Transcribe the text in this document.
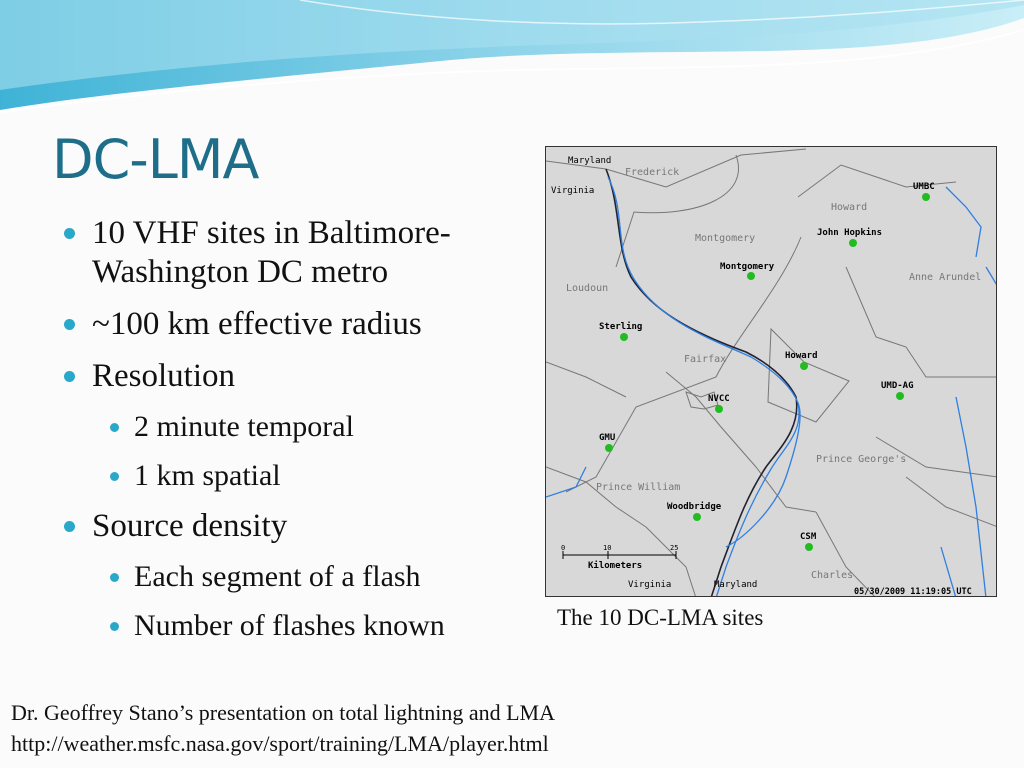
DC-LMA
10 VHF sites in Baltimore-Washington DC metro
~100 km effective radius
Resolution
2 minute temporal
1 km spatial
Source density
Each segment of a flash
Number of flashes known
Maryland
Virginia
Virginia	Maryland
Frederick
Howard
Montgomery
Anne Arundel
Loudoun
Fairfax
Prince George's
Prince William
Charles
UMBC
John Hopkins
Montgomery
Sterling
Howard
UMD-AG
NVCC
GMU
Woodbridge
CSM
0	10	25
Kilometers
05/30/2009 11:19:05 UTC
The 10 DC-LMA sites
Dr. Geoffrey Stano’s presentation on total lightning and LMA
http://weather.msfc.nasa.gov/sport/training/LMA/player.html
